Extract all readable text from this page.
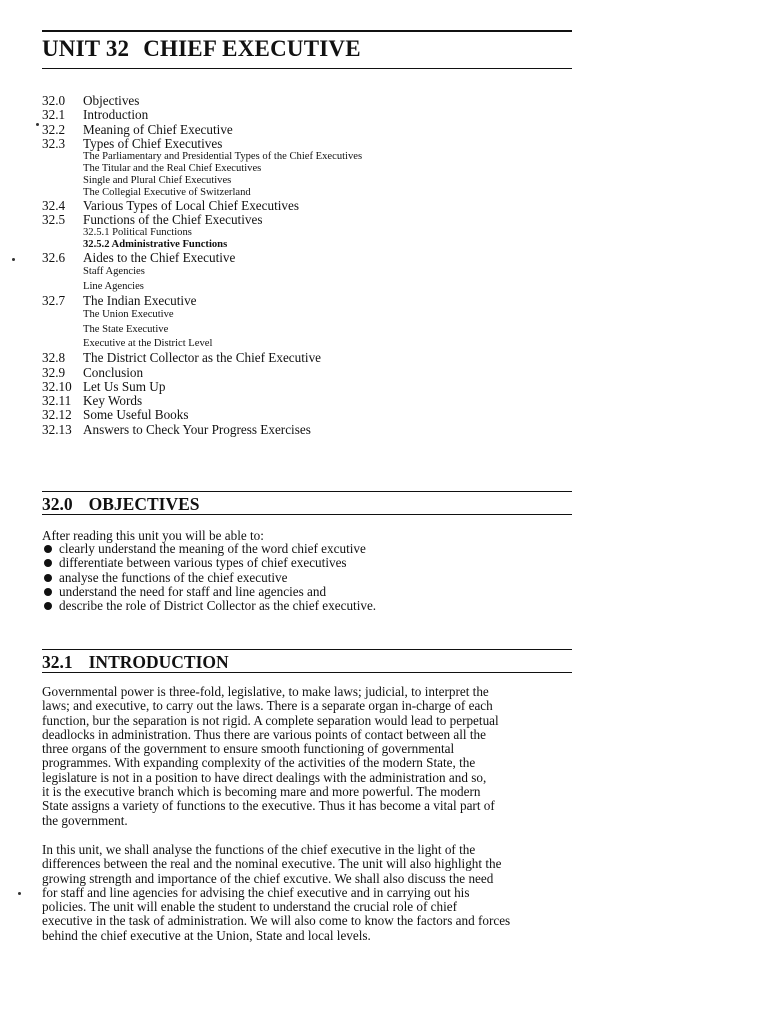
UNIT 32 CHIEF EXECUTIVE
32.0 Objectives
32.1 Introduction
32.2 Meaning of Chief Executive
32.3 Types of Chief Executives
The Parliamentary and Presidential Types of the Chief Executives
The Titular and the Real Chief Executives
Single and Plural Chief Executives
The Collegial Executive of Switzerland
32.4 Various Types of Local Chief Executives
32.5 Functions of the Chief Executives
32.5.1 Political Functions
32.5.2 Administrative Functions
32.6 Aides to the Chief Executive
Staff Agencies
Line Agencies
32.7 The Indian Executive
The Union Executive
The State Executive
Executive at the District Level
32.8 The District Collector as the Chief Executive
32.9 Conclusion
32.10 Let Us Sum Up
32.11 Key Words
32.12 Some Useful Books
32.13 Answers to Check Your Progress Exercises
32.0 OBJECTIVES
After reading this unit you will be able to:
clearly understand the meaning of the word chief excutive
differentiate between various types of chief executives
analyse the functions of the chief executive
understand the need for staff and line agencies and
describe the role of District Collector as the chief executive.
32.1 INTRODUCTION
Governmental power is three-fold, legislative, to make laws; judicial, to interpret the
laws; and executive, to carry out the laws. There is a separate organ in-charge of each
function, bur the separation is not rigid. A complete separation would lead to perpetual
deadlocks in administration. Thus there are various points of contact between all the
three organs of the government to ensure smooth functioning of governmental
programmes. With expanding complexity of the activities of the modern State, the
legislature is not in a position to have direct dealings with the administration and so,
it is the executive branch which is becoming mare and more powerful. The modern
State assigns a variety of functions to the executive. Thus it has become a vital part of
the government.
In this unit, we shall analyse the functions of the chief executive in the light of the
differences between the real and the nominal executive. The unit will also highlight the
growing strength and importance of the chief excutive. We shall also discuss the need
for staff and line agencies for advising the chief executive and in carrying out his
policies. The unit will enable the student to understand the crucial role of chief
executive in the task of administration. We will also come to know the factors and forces
behind the chief executive at the Union, State and local levels.
